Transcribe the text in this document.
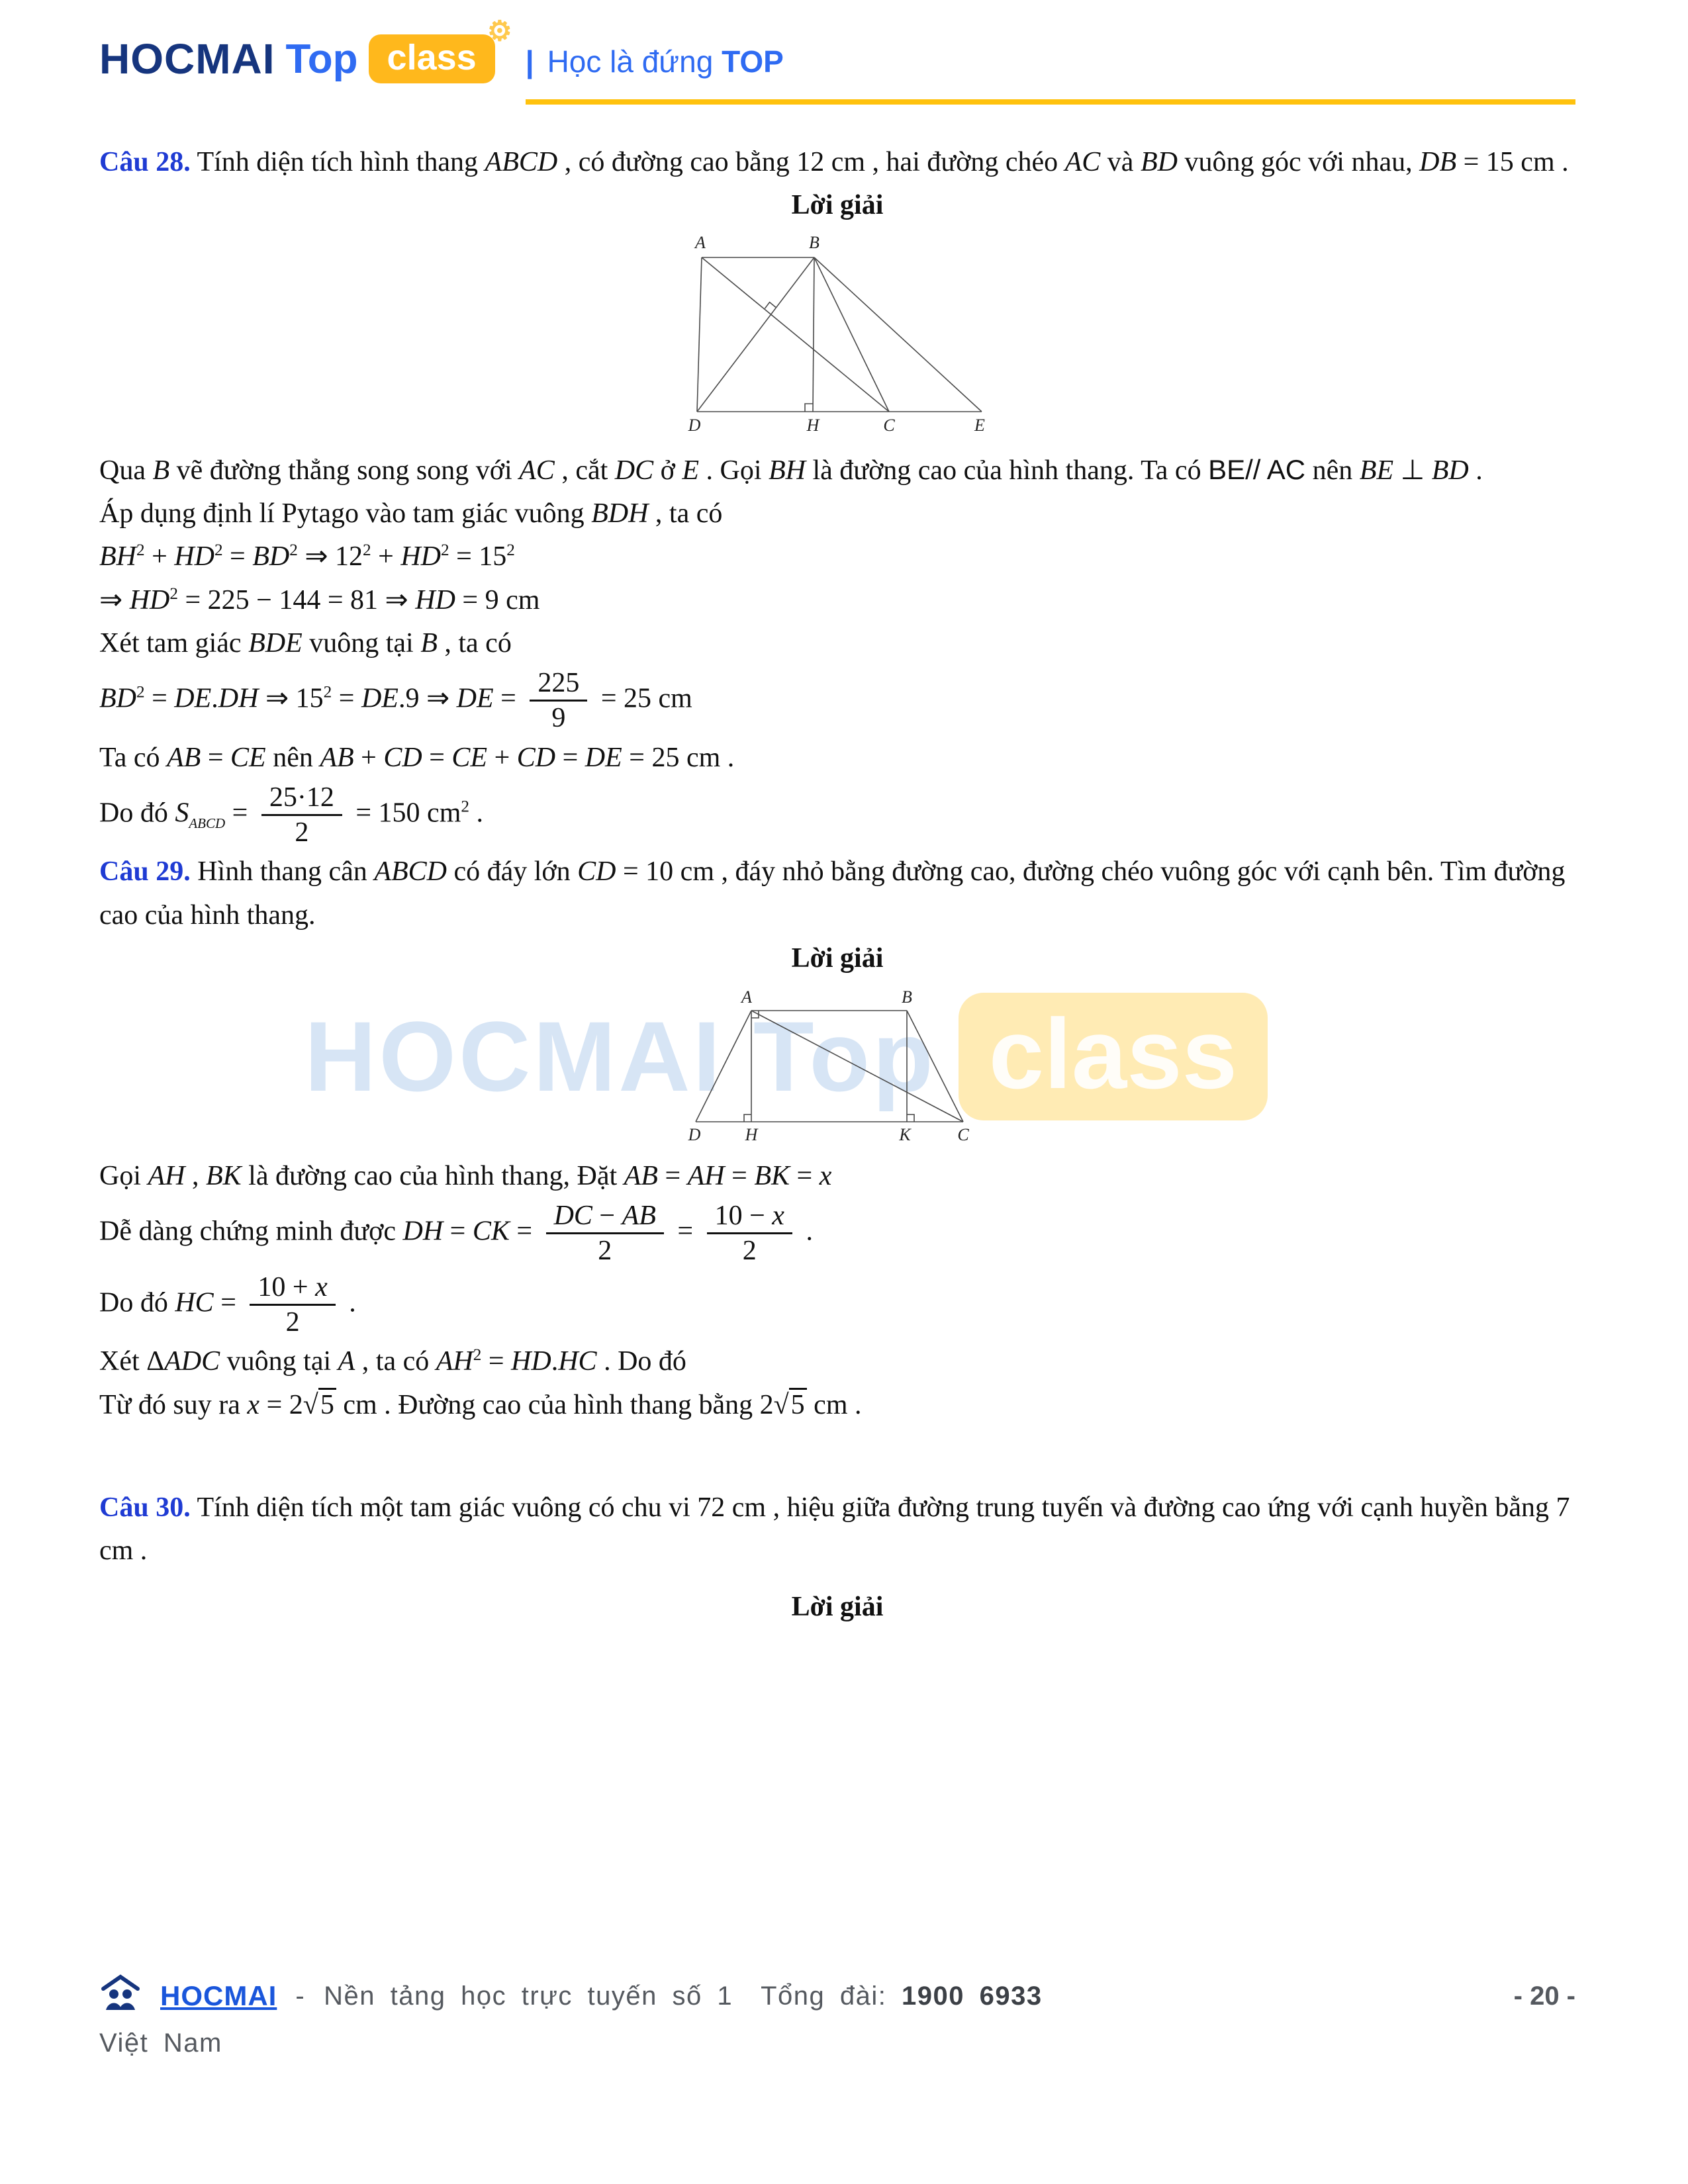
HOCMAI Top class
HOCMAI Top class
⚙
| Học là đứng TOP

Câu 28. Tính diện tích hình thang ABCD , có đường cao bằng 12 cm , hai đường chéo AC và BD vuông góc với nhau, DB = 15 cm .

Lời giải

A	B
D	H	C	E

Qua B vẽ đường thẳng song song với AC , cắt DC ở E . Gọi BH là đường cao của hình thang. Ta có BE// AC nên BE ⊥ BD .

Áp dụng định lí Pytago vào tam giác vuông BDH , ta có

$BH^2 + HD^2 = BD^2$ ⇒ $12^2 + HD^2 = 15^2$

⇒ $HD^2 = 225 - 144 = 81$ ⇒ HD = 9 cm

Xét tam giác BDE vuông tại B , ta có

$BD^2 = DE.DH$ ⇒ $15^2 = DE.9$ ⇒ DE = $\frac{225}{9} = 25$ cm

Ta có AB = CE nên AB + CD = CE + CD = DE = 25 cm .

Do đó $S_{ABCD} = \frac{25\cdot 12}{2} = 150$ $cm^2$ .

Câu 29. Hình thang cân ABCD có đáy lớn CD = 10 cm , đáy nhỏ bằng đường cao, đường chéo vuông góc với cạnh bên. Tìm đường cao của hình thang.

Lời giải

A	B
D	H	K	C

Gọi AH , BK là đường cao của hình thang, Đặt AB = AH = BK = x

Dễ dàng chứng minh được DH = CK = $\frac{DC - AB}{2} = \frac{10 - x}{2}$ .

Do đó HC = $\frac{10 + x}{2}$ .

Xét ΔADC vuông tại A , ta có $AH^2 = HD.HC$ . Do đó

Từ đó suy ra x = 2√5 cm . Đường cao của hình thang bằng 2√5 cm .

Câu 30. Tính diện tích một tam giác vuông có chu vi 72 cm , hiệu giữa đường trung tuyến và đường cao ứng với cạnh huyền bằng 7 cm .

Lời giải

HOCMAI - Nền tảng học trực tuyến số 1 Tổng đài: 1900 6933	- 20 -
Việt Nam
